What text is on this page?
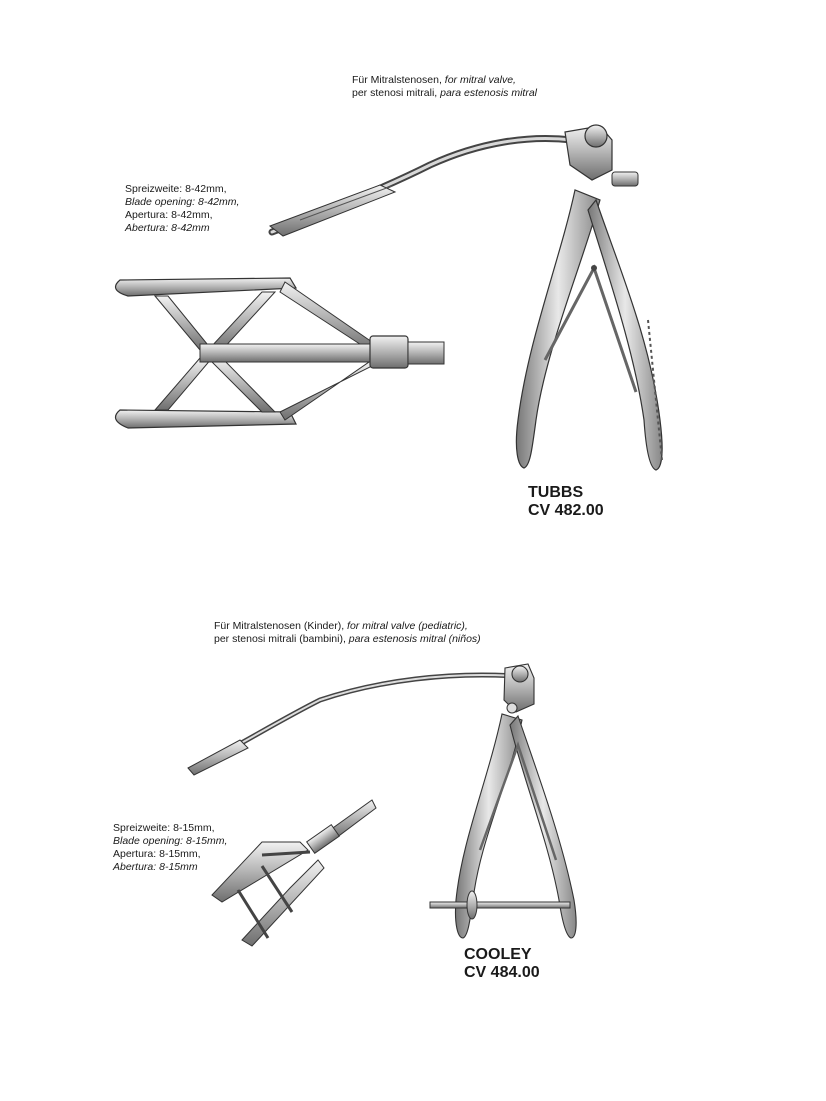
Für Mitralstenosen, for mitral valve,
per stenosi mitrali, para estenosis mitral
Spreizweite: 8-42mm,
Blade opening: 8-42mm,
Apertura: 8-42mm,
Abertura: 8-42mm
TUBBS
CV 482.00
Für Mitralstenosen (Kinder), for mitral valve (pediatric),
per stenosi mitrali (bambini), para estenosis mitral (niños)
Spreizweite: 8-15mm,
Blade opening: 8-15mm,
Apertura: 8-15mm,
Abertura: 8-15mm
COOLEY
CV 484.00
